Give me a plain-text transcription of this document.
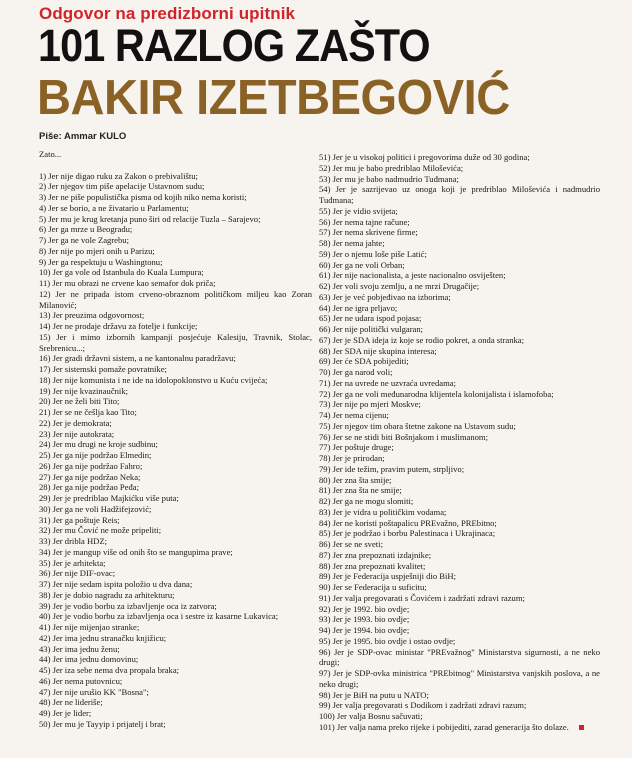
Odgovor na predizborni upitnik
101 RAZLOG ZAŠTO
BAKIR IZETBEGOVIĆ
Piše: Ammar KULO

Zato...

1) Jer nije digao ruku za Zakon o prebivalištu;

2) Jer njegov tim piše apelacije Ustavnom sudu;

3) Jer ne piše populistička pisma od kojih niko nema koristi;

4) Jer se borio, a ne živatario u Parlamentu;

5) Jer mu je krug kretanja puno širi od relacije Tuzla – Sarajevo;

6) Jer ga mrze u Beogradu;

7) Jer ga ne vole Zagrebu;

8) Jer nije po mjeri onih u Parizu;

9) Jer ga respektuju u Washingtonu;

10) Jer ga vole od Istanbula do Kuala Lumpura;

11) Jer mu obrazi ne crvene kao semafor dok priča;

12) Jer ne pripada istom crveno-obraznom političkom miljeu kao Zoran Milanović;

13) Jer preuzima odgovornost;

14) Jer ne prodaje državu za fotelje i funkcije;

15) Jer i mimo izbornih kampanji posjećuje Kalesiju, Travnik, Stolac, Srebrenicu...;

16) Jer gradi državni sistem, a ne kantonalnu paradržavu;

17) Jer sistemski pomaže povratnike;

18) Jer nije komunista i ne ide na idolopoklonstvo u Kuću cvijeća;

19) Jer nije kvazinaučnik;

20) Jer ne želi biti Tito;

21) Jer se ne češlja kao Tito;

22) Jer je demokrata;

23) Jer nije autokrata;

24) Jer mu drugi ne kroje sudbinu;

25) Jer ga nije podržao Elmedin;

26) Jer ga nije podržao Fahro;

27) Jer ga nije podržao Neka;

28) Jer ga nije podržao Peđa;

29) Jer je predriblao Majkićku više puta;

30) Jer ga ne voli Hadžifejzović;

31) Jer ga poštuje Reis;

32) Jer mu Čović ne može pripeliti;

33) Jer dribla HDZ;

34) Jer je mangup više od onih što se mangupima prave;

35) Jer je arhitekta;

36) Jer nije DIF-ovac;

37) Jer nije sedam ispita položio u dva dana;

38) Jer je dobio nagradu za arhitekturu;

39) Jer je vodio borbu za izbavljenje oca iz zatvora;

40) Jer je vodio borbu za izbavljenja oca i sestre iz kasarne Lukavica;

41) Jer nije mijenjao stranke;

42) Jer ima jednu stranačku knjižicu;

43) Jer ima jednu ženu;

44) Jer ima jednu domovinu;

45) Jer iza sebe nema dva propala braka;

46) Jer nema putovnicu;

47) Jer nije urušio KK "Bosna";

48) Jer ne lideriše;

49) Jer je lider;

50) Jer mu je Tayyip i prijatelj i brat;

51) Jer je u visokoj politici i pregovorima duže od 30 godina;

52) Jer mu je babo predriblao Miloševića;

53) Jer mu je babo nadmudrio Tuđmana;

54) Jer je sazrijevao uz onoga koji je predriblao Miloševića i nadmudrio Tuđmana;

55) Jer je vidio svijeta;

56) Jer nema tajne račune;

57) Jer nema skrivene firme;

58) Jer nema jahte;

59) Jer o njemu loše piše Latić;

60) Jer ga ne voli Orban;

61) Jer nije nacionalista, a jeste nacionalno osviješten;

62) Jer voli svoju zemlju, a ne mrzi Drugačije;

63) Jer je već pobjeđivao na izborima;

64) Jer ne igra prljavo;

65) Jer ne udara ispod pojasa;

66) Jer nije politički vulgaran;

67) Jer je SDA ideja iz koje se rodio pokret, a onda stranka;

68) Jer SDA nije skupina interesa;

69) Jer će SDA pobijediti;

70) Jer ga narod voli;

71) Jer na uvrede ne uzvraća uvredama;

72) Jer ga ne voli međunarodna klijentela kolonijalista i islamofoba;

73) Jer nije po mjeri Moskve;

74) Jer nema cijenu;

75) Jer njegov tim obara štetne zakone na Ustavom sudu;

76) Jer se ne stidi biti Bošnjakom i muslimanom;

77) Jer poštuje druge;

78) Jer je prirodan;

79) Jer ide težim, pravim putem, strpljivo;

80) Jer zna šta smije;

81) Jer zna šta ne smije;

82) Jer ga ne mogu slomiti;

83) Jer je vidra u političkim vodama;

84) Jer ne koristi poštapalicu PREvažno, PREbitno;

85) Jer je podržao i borbu Palestinaca i Ukrajinaca;

86) Jer se ne sveti;

87) Jer zna prepoznati izdajnike;

88) Jer zna prepoznati kvalitet;

89) Jer je Federacija uspješniji dio BiH;

90) Jer se Federacija u suficitu;

91) Jer valja pregovarati s Čovićem i zadržati zdravi razum;

92) Jer je 1992. bio ovdje;

93) Jer je 1993. bio ovdje;

94) Jer je 1994. bio ovdje;

95) Jer je 1995. bio ovdje i ostao ovdje;

96) Jer je SDP-ovac ministar "PREvažnog" Ministarstva sigurnosti, a ne neko drugi;

97) Jer je SDP-ovka ministrica "PREbitnog" Ministarstva vanjskih poslova, a ne neko drugi;

98) Jer je BiH na putu u NATO;

99) Jer valja pregovarati s Dodikom i zadržati zdravi razum;

100) Jer valja Bosnu sačuvati;

101) Jer valja nama preko rijeke i pobijediti, zarad generacija što dolaze.
